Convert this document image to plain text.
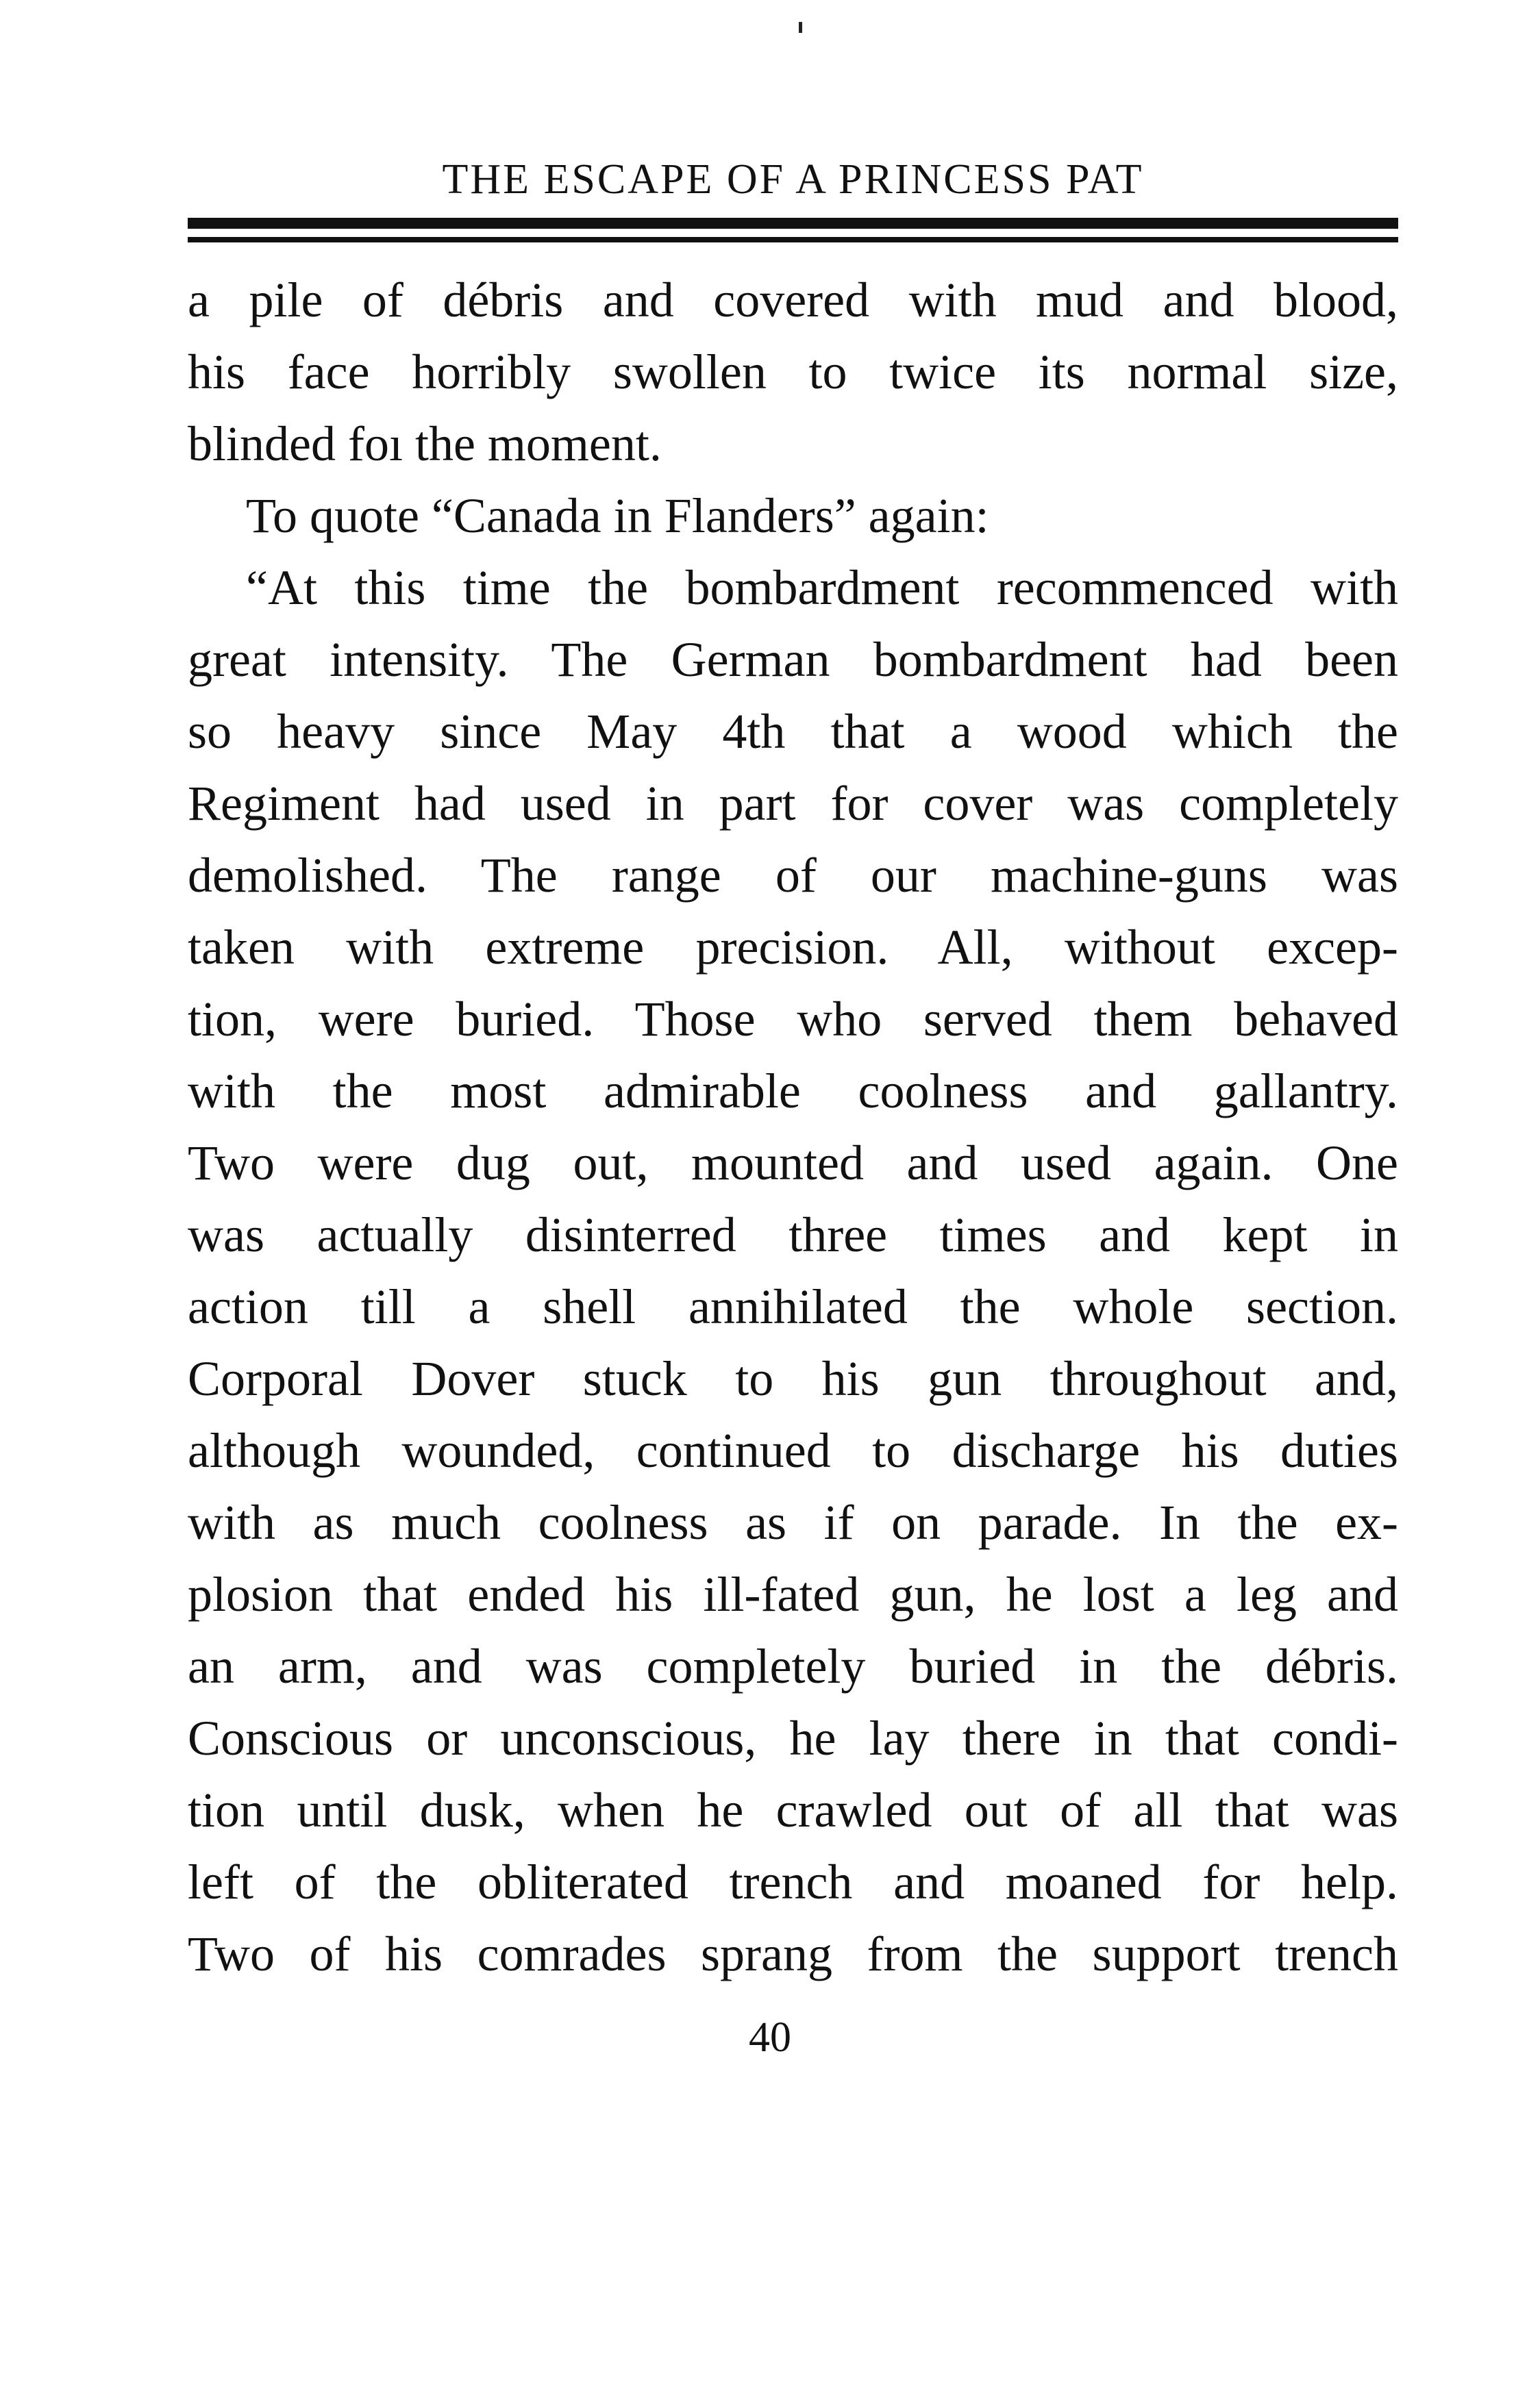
THE ESCAPE OF A PRINCESS PAT
a pile of débris and covered with mud and blood,
his face horribly swollen to twice its normal size,
blinded foı the moment.
To quote “Canada in Flanders” again:
“At this time the bombardment recommenced with
great intensity. The German bombardment had been
so heavy since May 4th that a wood which the
Regiment had used in part for cover was completely
demolished. The range of our machine-guns was
taken with extreme precision. All, without excep-
tion, were buried. Those who served them behaved
with the most admirable coolness and gallantry.
Two were dug out, mounted and used again. One
was actually disinterred three times and kept in
action till a shell annihilated the whole section.
Corporal Dover stuck to his gun throughout and,
although wounded, continued to discharge his duties
with as much coolness as if on parade. In the ex-
plosion that ended his ill-fated gun, he lost a leg and
an arm, and was completely buried in the débris.
Conscious or unconscious, he lay there in that condi-
tion until dusk, when he crawled out of all that was
left of the obliterated trench and moaned for help.
Two of his comrades sprang from the support trench
40
